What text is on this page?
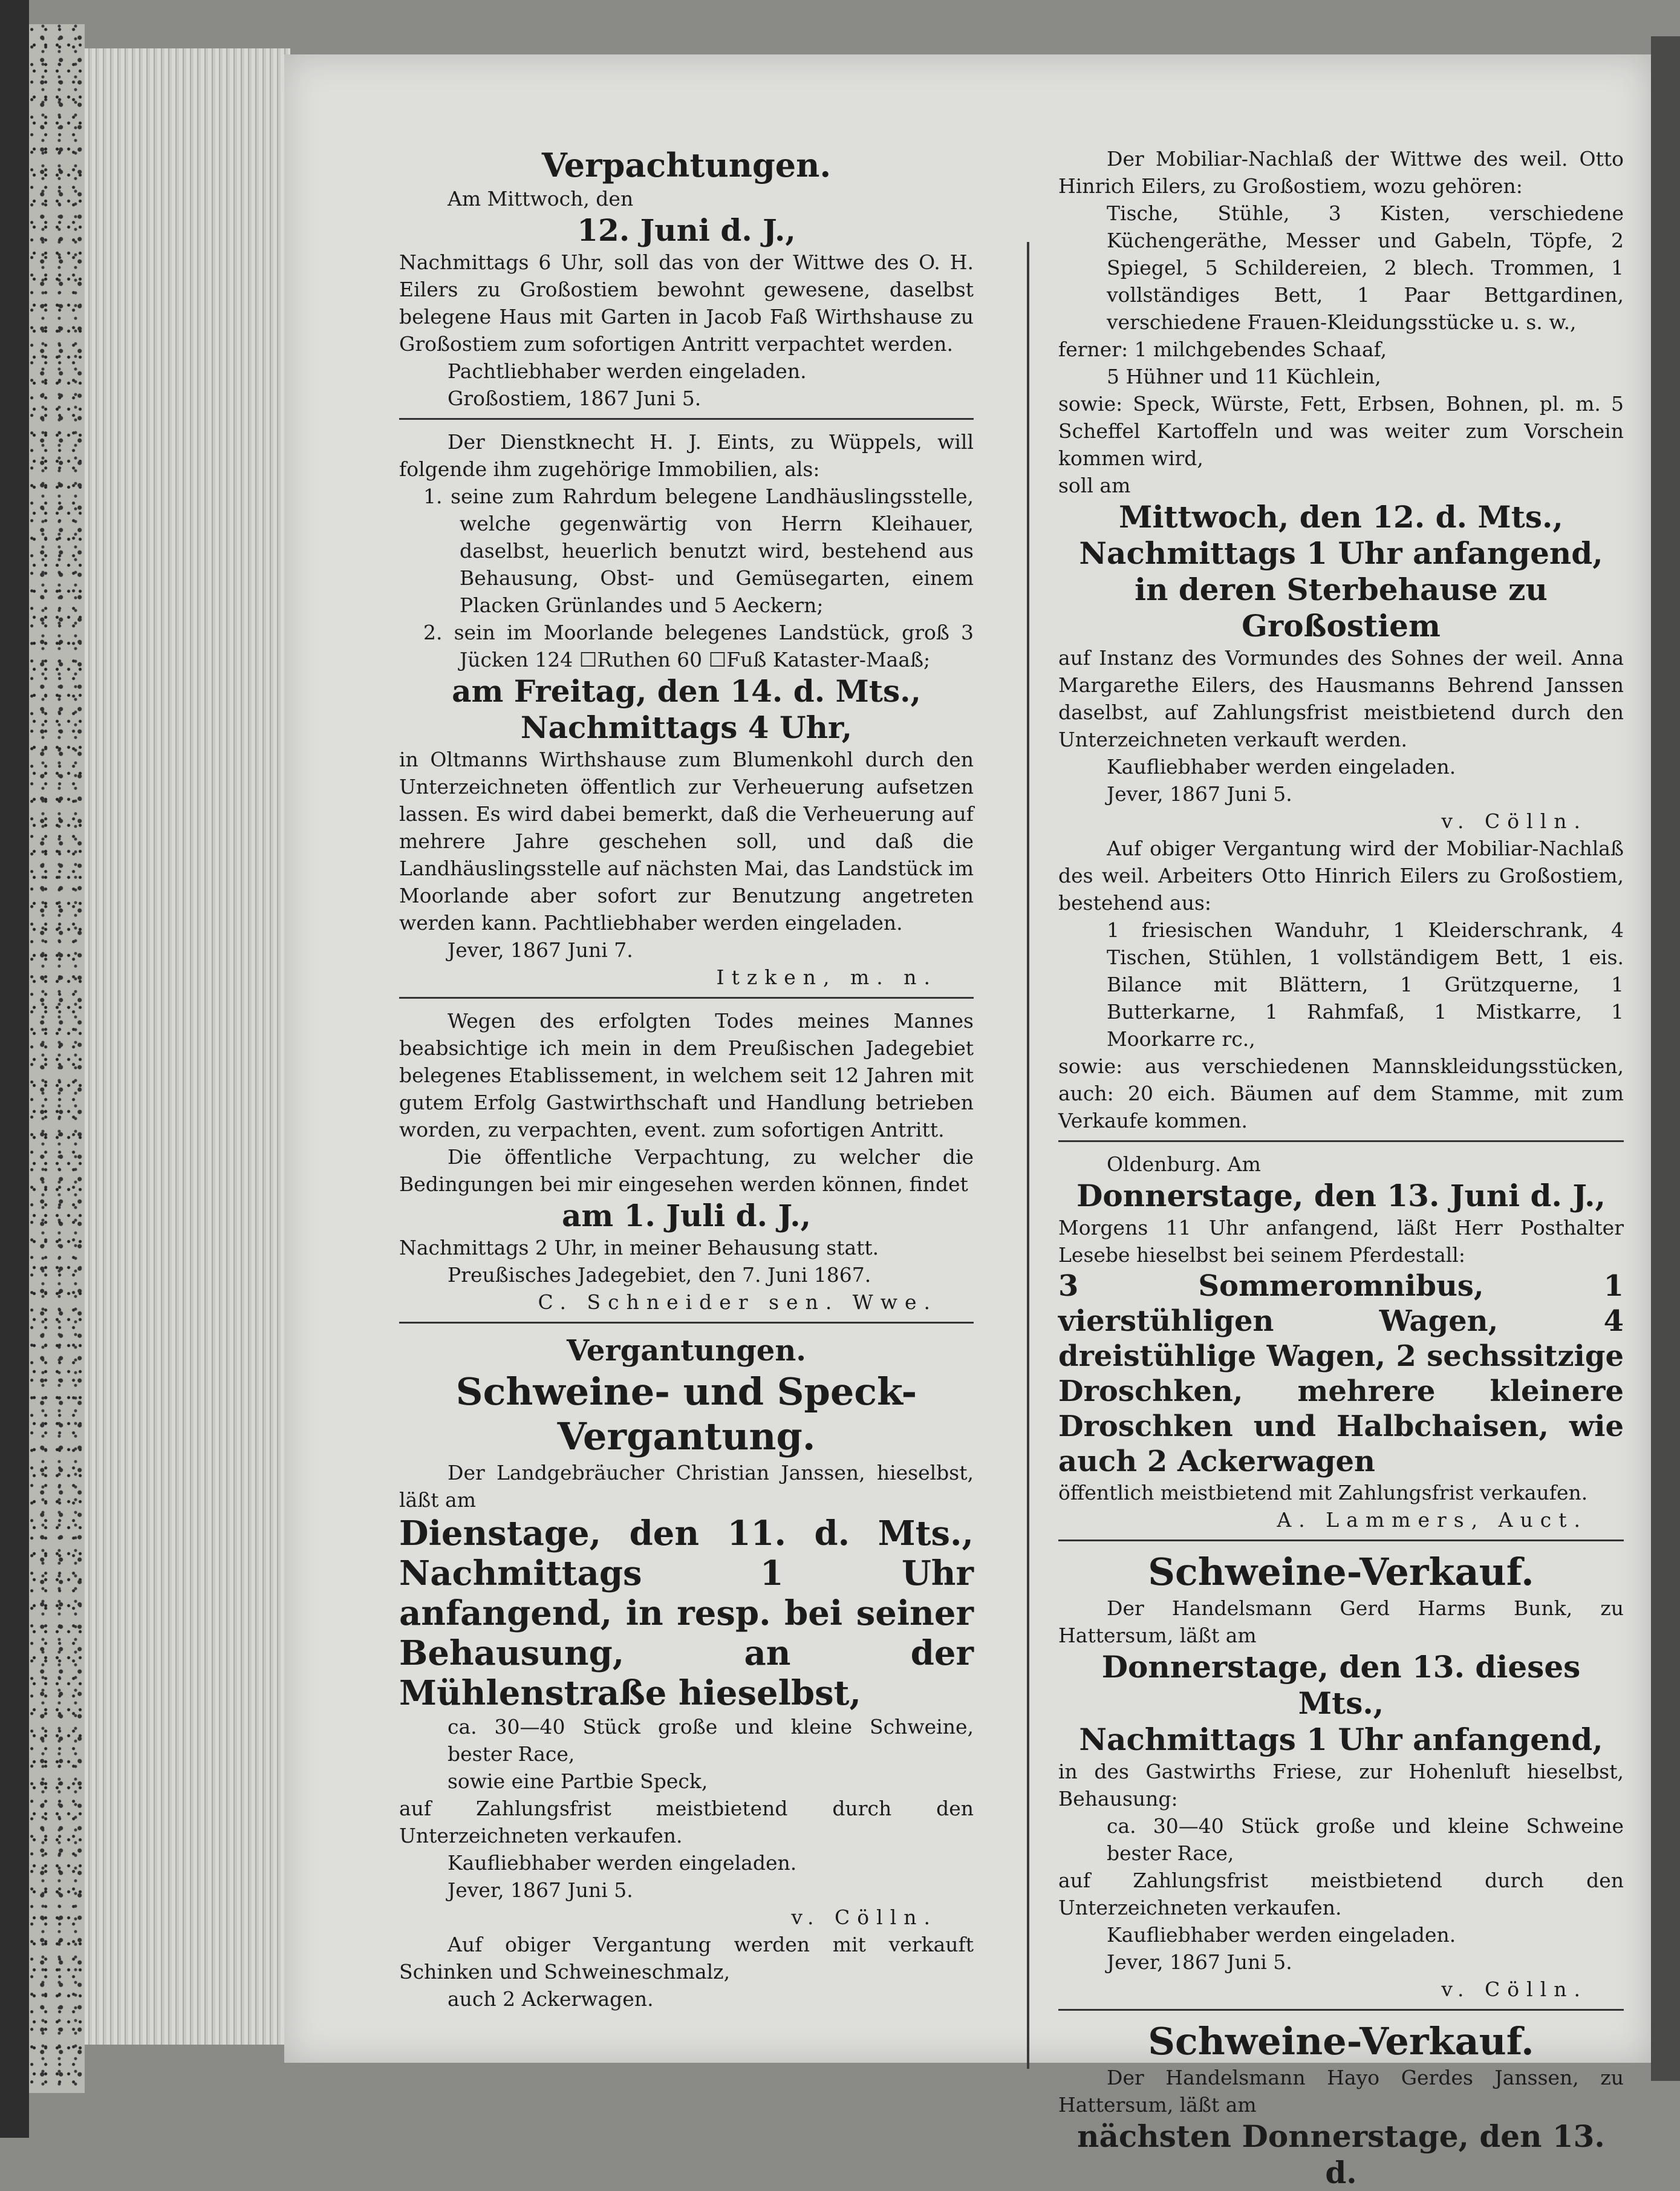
Verpachtungen.

Am Mittwoch, den

12. Juni d. J.,

Nachmittags 6 Uhr, soll das von der Wittwe des O. H. Eilers zu Großostiem bewohnt gewesene, daselbst belegene Haus mit Garten in Jacob Faß Wirthshause zu Großostiem zum sofortigen Antritt verpachtet werden.

Pachtliebhaber werden eingeladen.

Großostiem, 1867 Juni 5.

Der Dienstknecht H. J. Eints, zu Wüppels, will folgende ihm zugehörige Immobilien, als:

1. seine zum Rahrdum belegene Landhäuslingsstelle, welche gegenwärtig von Herrn Kleihauer, daselbst, heuerlich benutzt wird, bestehend aus Behausung, Obst- und Gemüsegarten, einem Placken Grünlandes und 5 Aeckern;

2. sein im Moorlande belegenes Landstück, groß 3 Jücken 124 ☐Ruthen 60 ☐Fuß Kataster-Maaß;

am Freitag, den 14. d. Mts.,
Nachmittags 4 Uhr,

in Oltmanns Wirthshause zum Blumenkohl durch den Unterzeichneten öffentlich zur Verheuerung aufsetzen lassen. Es wird dabei bemerkt, daß die Verheuerung auf mehrere Jahre geschehen soll, und daß die Landhäuslingsstelle auf nächsten Mai, das Landstück im Moorlande aber sofort zur Benutzung angetreten werden kann. Pachtliebhaber werden eingeladen.

Jever, 1867 Juni 7.

Itzken, m. n.

Wegen des erfolgten Todes meines Mannes beabsichtige ich mein in dem Preußischen Jadegebiet belegenes Etablissement, in welchem seit 12 Jahren mit gutem Erfolg Gastwirthschaft und Handlung betrieben worden, zu verpachten, event. zum sofortigen Antritt.

Die öffentliche Verpachtung, zu welcher die Bedingungen bei mir eingesehen werden können, findet

am 1. Juli d. J.,

Nachmittags 2 Uhr, in meiner Behausung statt.

Preußisches Jadegebiet, den 7. Juni 1867.

C. Schneider sen. Wwe.

Vergantungen.
Schweine- und Speck-
Vergantung.

Der Landgebräucher Christian Janssen, hieselbst, läßt am

Dienstage, den 11. d. Mts., Nachmittags 1 Uhr anfangend, in resp. bei seiner Behausung, an der Mühlenstraße hieselbst,

ca. 30—40 Stück große und kleine Schweine, bester Race,

sowie eine Partbie Speck,

auf Zahlungsfrist meistbietend durch den Unterzeichneten verkaufen.

Kaufliebhaber werden eingeladen.

Jever, 1867 Juni 5.

v. Cölln.

Auf obiger Vergantung werden mit verkauft Schinken und Schweineschmalz,

auch 2 Ackerwagen.

Der Mobiliar-Nachlaß der Wittwe des weil. Otto Hinrich Eilers, zu Großostiem, wozu gehören:

Tische, Stühle, 3 Kisten, verschiedene Küchengeräthe, Messer und Gabeln, Töpfe, 2 Spiegel, 5 Schildereien, 2 blech. Trommen, 1 vollständiges Bett, 1 Paar Bettgardinen, verschiedene Frauen-Kleidungsstücke u. s. w.,

ferner: 1 milchgebendes Schaaf,

5 Hühner und 11 Küchlein,

sowie: Speck, Würste, Fett, Erbsen, Bohnen, pl. m. 5 Scheffel Kartoffeln und was weiter zum Vorschein kommen wird,

soll am

Mittwoch, den 12. d. Mts.,
Nachmittags 1 Uhr anfangend,
in deren Sterbehause zu Großostiem

auf Instanz des Vormundes des Sohnes der weil. Anna Margarethe Eilers, des Hausmanns Behrend Janssen daselbst, auf Zahlungsfrist meistbietend durch den Unterzeichneten verkauft werden.

Kaufliebhaber werden eingeladen.

Jever, 1867 Juni 5.

v. Cölln.

Auf obiger Vergantung wird der Mobiliar-Nachlaß des weil. Arbeiters Otto Hinrich Eilers zu Großostiem, bestehend aus:

1 friesischen Wanduhr, 1 Kleiderschrank, 4 Tischen, Stühlen, 1 vollständigem Bett, 1 eis. Bilance mit Blättern, 1 Grützquerne, 1 Butterkarne, 1 Rahmfaß, 1 Mistkarre, 1 Moorkarre rc.,

sowie: aus verschiedenen Mannskleidungsstücken, auch: 20 eich. Bäumen auf dem Stamme, mit zum Verkaufe kommen.

Oldenburg. Am

Donnerstage, den 13. Juni d. J.,

Morgens 11 Uhr anfangend, läßt Herr Posthalter Lesebe hieselbst bei seinem Pferdestall:

3 Sommeromnibus, 1 vierstühligen Wagen, 4 dreistühlige Wagen, 2 sechssitzige Droschken, mehrere kleinere Droschken und Halbchaisen, wie auch 2 Ackerwagen

öffentlich meistbietend mit Zahlungsfrist verkaufen.

A. Lammers, Auct.

Schweine-Verkauf.

Der Handelsmann Gerd Harms Bunk, zu Hattersum, läßt am

Donnerstage, den 13. dieses Mts.,
Nachmittags 1 Uhr anfangend,

in des Gastwirths Friese, zur Hohenluft hieselbst, Behausung:

ca. 30—40 Stück große und kleine Schweine bester Race,

auf Zahlungsfrist meistbietend durch den Unterzeichneten verkaufen.

Kaufliebhaber werden eingeladen.

Jever, 1867 Juni 5.

v. Cölln.

Schweine-Verkauf.

Der Handelsmann Hayo Gerdes Janssen, zu Hattersum, läßt am

nächsten Donnerstage, den 13. d.
